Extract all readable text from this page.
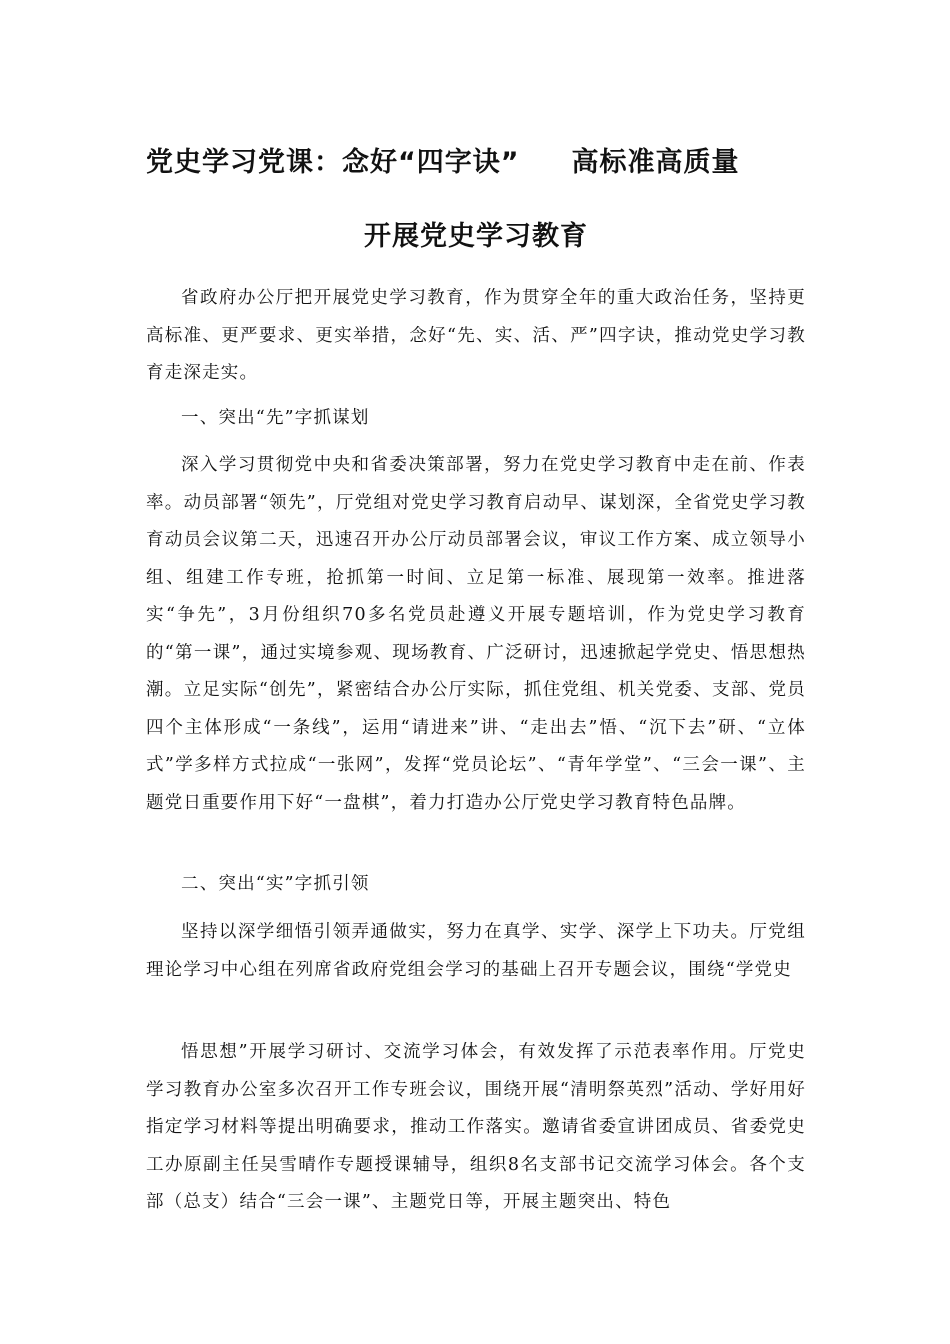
党史学习党课：念好“四字诀” 高标准高质量
开展党史学习教育

省政府办公厅把开展党史学习教育，作为贯穿全年的重大政治任务，坚持更高标准、更严要求、更实举措，念好“先、实、活、严”四字诀，推动党史学习教育走深走实。

一、突出“先”字抓谋划

深入学习贯彻党中央和省委决策部署，努力在党史学习教育中走在前、作表率。动员部署“领先”，厅党组对党史学习教育启动早、谋划深，全省党史学习教育动员会议第二天，迅速召开办公厅动员部署会议，审议工作方案、成立领导小组、组建工作专班，抢抓第一时间、立足第一标准、展现第一效率。推进落实“争先”，3月份组织70多名党员赴遵义开展专题培训，作为党史学习教育的“第一课”，通过实境参观、现场教育、广泛研讨，迅速掀起学党史、悟思想热潮。立足实际“创先”，紧密结合办公厅实际，抓住党组、机关党委、支部、党员四个主体形成“一条线”，运用“请进来”讲、“走出去”悟、“沉下去”研、“立体式”学多样方式拉成“一张网”，发挥“党员论坛”、“青年学堂”、“三会一课”、主题党日重要作用下好“一盘棋”，着力打造办公厅党史学习教育特色品牌。

二、突出“实”字抓引领

坚持以深学细悟引领弄通做实，努力在真学、实学、深学上下功夫。厅党组理论学习中心组在列席省政府党组会学习的基础上召开专题会议，围绕“学党史

悟思想”开展学习研讨、交流学习体会，有效发挥了示范表率作用。厅党史学习教育办公室多次召开工作专班会议，围绕开展“清明祭英烈”活动、学好用好指定学习材料等提出明确要求，推动工作落实。邀请省委宣讲团成员、省委党史工办原副主任吴雪晴作专题授课辅导，组织8名支部书记交流学习体会。各个支部（总支）结合“三会一课”、主题党日等，开展主题突出、特色
